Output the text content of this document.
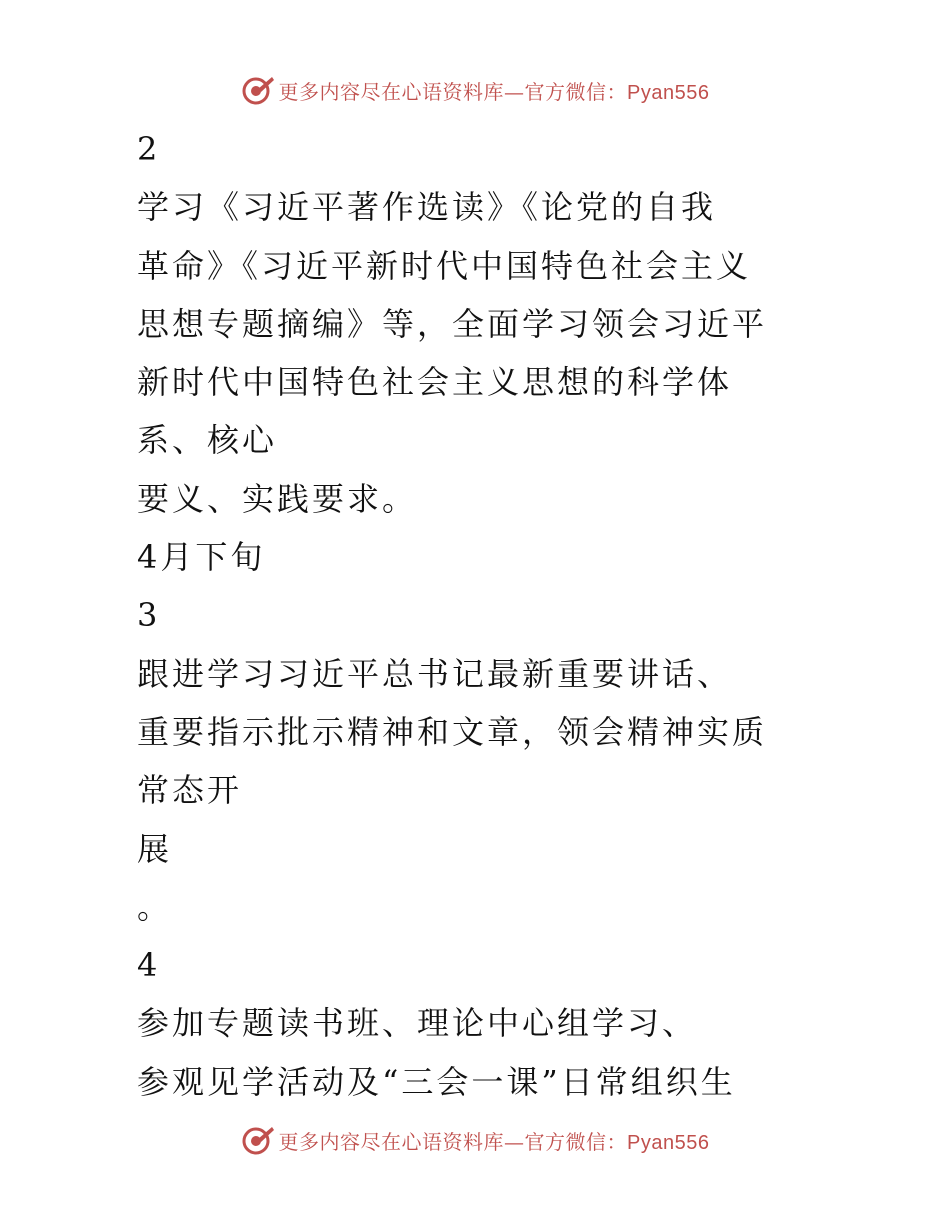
更多内容尽在心语资料库—官方微信：Pyan556
2
学习《习近平著作选读》《论党的自我
革命》《习近平新时代中国特色社会主义
思想专题摘编》等，全面学习领会习近平
新时代中国特色社会主义思想的科学体
系、核心
要义、实践要求。
4月下旬
3
跟进学习习近平总书记最新重要讲话、
重要指示批示精神和文章，领会精神实质
常态开
展
。
4
参加专题读书班、理论中心组学习、
参观见学活动及“三会一课”日常组织生
更多内容尽在心语资料库—官方微信：Pyan556
